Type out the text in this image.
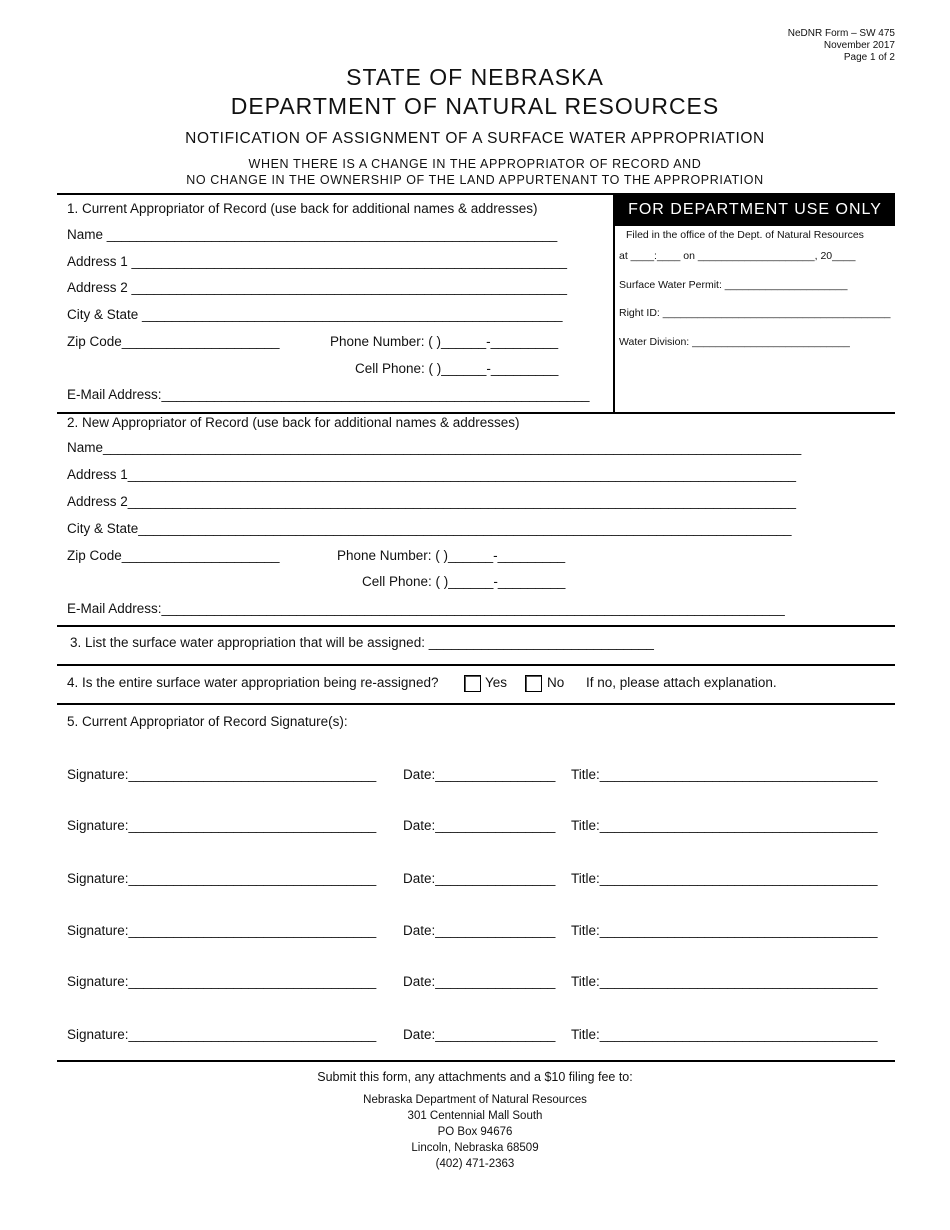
NeDNR Form – SW 475
November 2017
Page 1 of 2
STATE OF NEBRASKA
DEPARTMENT OF NATURAL RESOURCES
NOTIFICATION OF ASSIGNMENT OF A SURFACE WATER APPROPRIATION
WHEN THERE IS A CHANGE IN THE APPROPRIATOR OF RECORD AND
NO CHANGE IN THE OWNERSHIP OF THE LAND APPURTENANT TO THE APPROPRIATION
1. Current Appropriator of Record (use back for additional names & addresses)
Name ____________________________________________________________
Address 1 __________________________________________________________
Address 2 __________________________________________________________
City & State ________________________________________________________
Zip Code_____________________	Phone Number: ( )______-_________
Cell Phone: ( )______-_________
E-Mail Address:_________________________________________________________
FOR DEPARTMENT USE ONLY
Filed in the office of the Dept. of Natural Resources
at ____:____ on ____________________, 20____
Surface Water Permit: _____________________
Right ID: _______________________________________
Water Division: ___________________________
2. New Appropriator of Record (use back for additional names & addresses)
Name_____________________________________________________________________________________________
Address 1_________________________________________________________________________________________
Address 2_________________________________________________________________________________________
City & State_______________________________________________________________________________________
Zip Code_____________________	Phone Number: ( )______-_________
Cell Phone: ( )______-_________
E-Mail Address:___________________________________________________________________________________
3. List the surface water appropriation that will be assigned: ______________________________
4. Is the entire surface water appropriation being re-assigned?	Yes	No If no, please attach explanation.
5. Current Appropriator of Record Signature(s):
Signature:_________________________________ Date:________________ Title:_____________________________________
Signature:_________________________________ Date:________________ Title:_____________________________________
Signature:_________________________________ Date:________________ Title:_____________________________________
Signature:_________________________________ Date:________________ Title:_____________________________________
Signature:_________________________________ Date:________________ Title:_____________________________________
Signature:_________________________________ Date:________________ Title:_____________________________________
Submit this form, any attachments and a $10 filing fee to:
Nebraska Department of Natural Resources
301 Centennial Mall South
PO Box 94676
Lincoln, Nebraska 68509
(402) 471-2363
